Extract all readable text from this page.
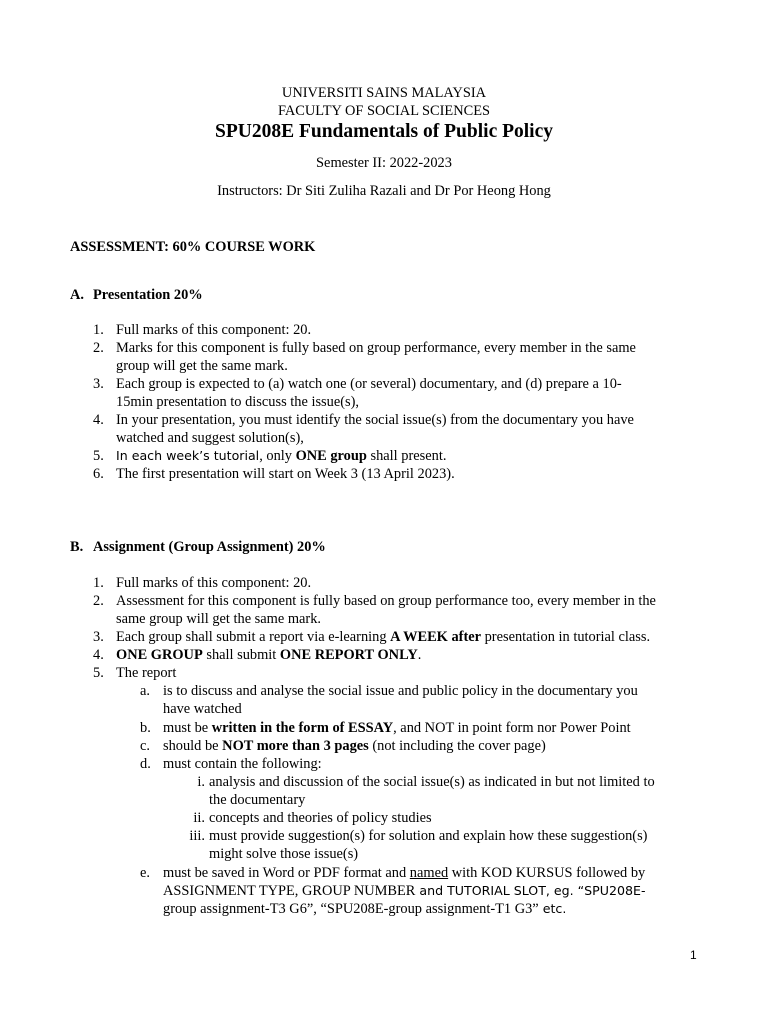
UNIVERSITI SAINS MALAYSIA
FACULTY OF SOCIAL SCIENCES
SPU208E Fundamentals of Public Policy
Semester II: 2022-2023
Instructors: Dr Siti Zuliha Razali and Dr Por Heong Hong
ASSESSMENT: 60% COURSE WORK
A. Presentation 20%
1. Full marks of this component: 20.
2. Marks for this component is fully based on group performance, every member in the same
group will get the same mark.
3. Each group is expected to (a) watch one (or several) documentary, and (d) prepare a 10-
15min presentation to discuss the issue(s),
4. In your presentation, you must identify the social issue(s) from the documentary you have
watched and suggest solution(s),
5. In each week’s tutorial, only ONE group shall present.
6. The first presentation will start on Week 3 (13 April 2023).
B. Assignment (Group Assignment) 20%
1. Full marks of this component: 20.
2. Assessment for this component is fully based on group performance too, every member in the
same group will get the same mark.
3. Each group shall submit a report via e-learning A WEEK after presentation in tutorial class.
4. ONE GROUP shall submit ONE REPORT ONLY.
5. The report
a. is to discuss and analyse the social issue and public policy in the documentary you
have watched
b. must be written in the form of ESSAY, and NOT in point form nor Power Point
c. should be NOT more than 3 pages (not including the cover page)
d. must contain the following:
i. analysis and discussion of the social issue(s) as indicated in but not limited to
the documentary
ii. concepts and theories of policy studies
iii. must provide suggestion(s) for solution and explain how these suggestion(s)
might solve those issue(s)
e. must be saved in Word or PDF format and named with KOD KURSUS followed by
ASSIGNMENT TYPE, GROUP NUMBER and TUTORIAL SLOT, eg. “SPU208E-
group assignment-T3 G6”, “SPU208E-group assignment-T1 G3” etc.
1
